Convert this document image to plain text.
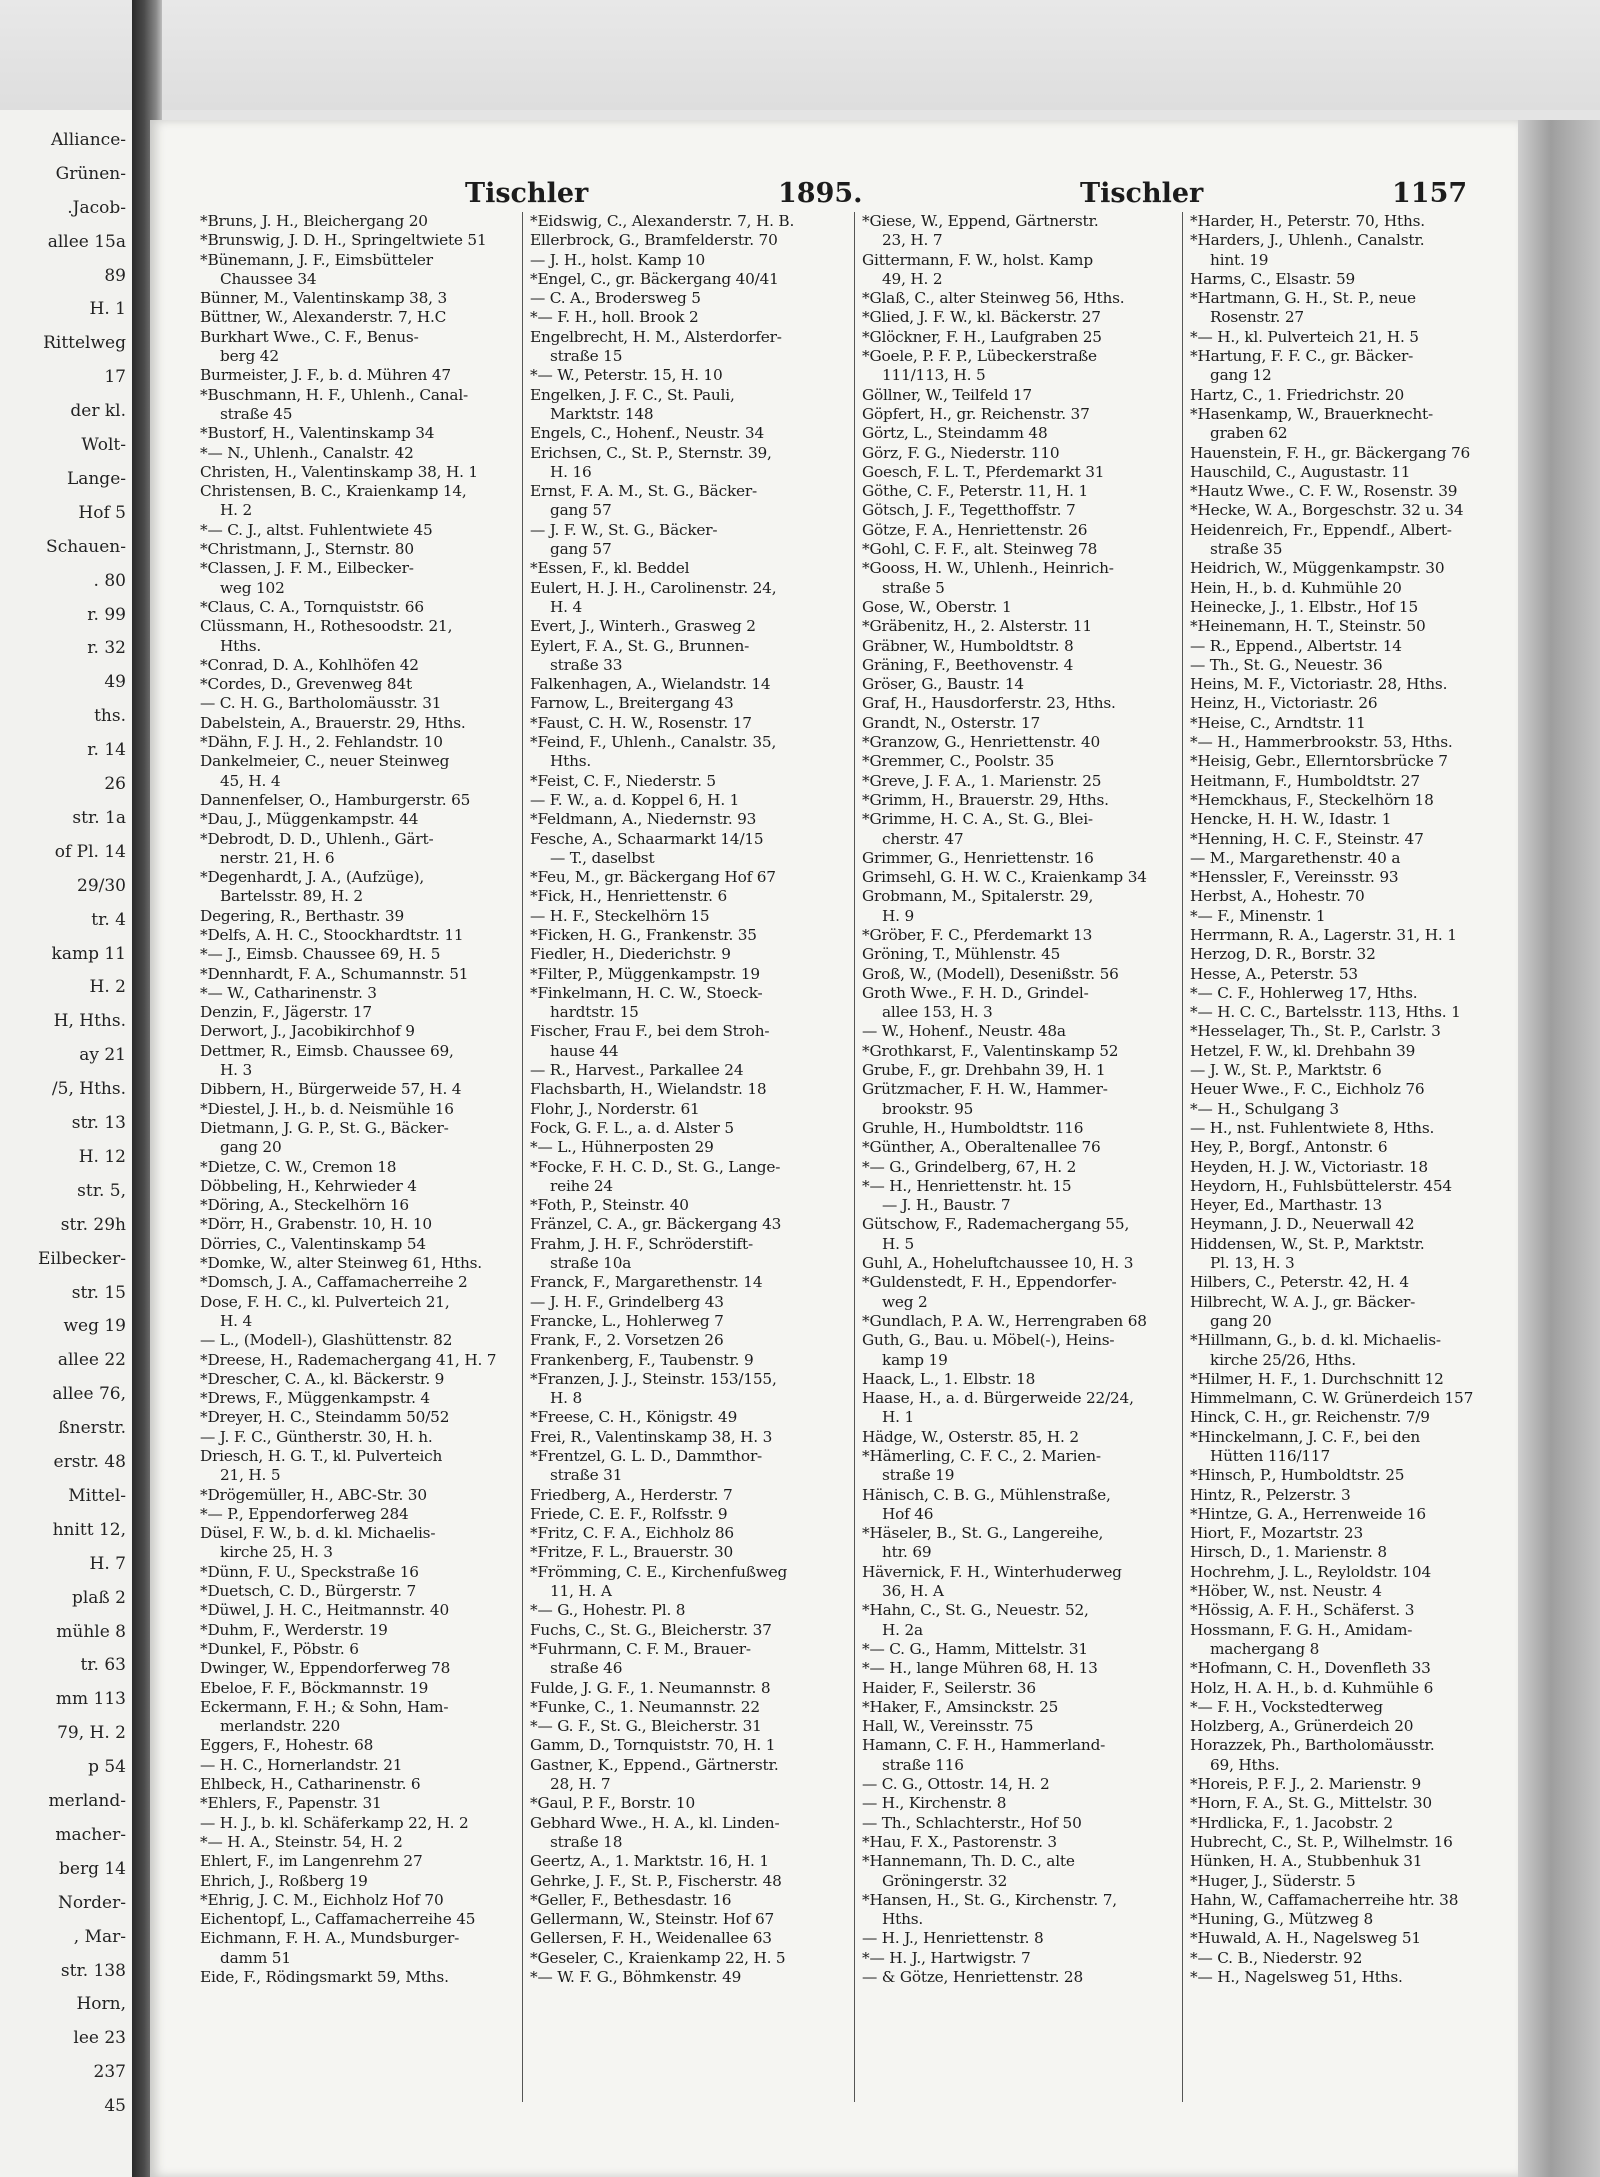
Alliance-
Grünen-
.Jacob-
allee 15a
89
H. 1
Rittelweg
17
der kl.
Wolt-
Lange-
Hof 5
Schauen-
. 80
r. 99
r. 32
49
ths.
r. 14
26
str. 1a
of Pl. 14
29/30
tr. 4
kamp 11
H. 2
H, Hths.
ay 21
/5, Hths.
str. 13
H. 12
str. 5,
str. 29h
Eilbecker-
str. 15
weg 19
allee 22
allee 76,
ßnerstr.
erstr. 48
Mittel-
hnitt 12,
H. 7
plaß 2
mühle 8
tr. 63
mm 113
79, H. 2
p 54
merland-
macher-
berg 14
Norder-
, Mar-
str. 138
Horn,
lee 23
237
45
Tischler	1895.	Tischler	1157
*Bruns, J. H., Bleichergang 20
*Brunswig, J. D. H., Springeltwiete 51
*Bünemann, J. F., Eimsbütteler
Chaussee 34
Bünner, M., Valentinskamp 38, 3
Büttner, W., Alexanderstr. 7, H.C
Burkhart Wwe., C. F., Benus-
berg 42
Burmeister, J. F., b. d. Mühren 47
*Buschmann, H. F., Uhlenh., Canal-
straße 45
*Bustorf, H., Valentinskamp 34
*— N., Uhlenh., Canalstr. 42
Christen, H., Valentinskamp 38, H. 1
Christensen, B. C., Kraienkamp 14,
H. 2
*— C. J., altst. Fuhlentwiete 45
*Christmann, J., Sternstr. 80
*Classen, J. F. M., Eilbecker-
weg 102
*Claus, C. A., Tornquiststr. 66
Clüssmann, H., Rothesoodstr. 21,
Hths.
*Conrad, D. A., Kohlhöfen 42
*Cordes, D., Grevenweg 84t
— C. H. G., Bartholomäusstr. 31
Dabelstein, A., Brauerstr. 29, Hths.
*Dähn, F. J. H., 2. Fehlandstr. 10
Dankelmeier, C., neuer Steinweg
45, H. 4
Dannenfelser, O., Hamburgerstr. 65
*Dau, J., Müggenkampstr. 44
*Debrodt, D. D., Uhlenh., Gärt-
nerstr. 21, H. 6
*Degenhardt, J. A., (Aufzüge),
Bartelsstr. 89, H. 2
Degering, R., Berthastr. 39
*Delfs, A. H. C., Stoockhardtstr. 11
*— J., Eimsb. Chaussee 69, H. 5
*Dennhardt, F. A., Schumannstr. 51
*— W., Catharinenstr. 3
Denzin, F., Jägerstr. 17
Derwort, J., Jacobikirchhof 9
Dettmer, R., Eimsb. Chaussee 69,
H. 3
Dibbern, H., Bürgerweide 57, H. 4
*Diestel, J. H., b. d. Neismühle 16
Dietmann, J. G. P., St. G., Bäcker-
gang 20
*Dietze, C. W., Cremon 18
Döbbeling, H., Kehrwieder 4
*Döring, A., Steckelhörn 16
*Dörr, H., Grabenstr. 10, H. 10
Dörries, C., Valentinskamp 54
*Domke, W., alter Steinweg 61, Hths.
*Domsch, J. A., Caffamacherreihe 2
Dose, F. H. C., kl. Pulverteich 21,
H. 4
— L., (Modell-), Glashüttenstr. 82
*Dreese, H., Rademachergang 41, H. 7
*Drescher, C. A., kl. Bäckerstr. 9
*Drews, F., Müggenkampstr. 4
*Dreyer, H. C., Steindamm 50/52
— J. F. C., Güntherstr. 30, H. h.
Driesch, H. G. T., kl. Pulverteich
21, H. 5
*Drögemüller, H., ABC-Str. 30
*— P., Eppendorferweg 284
Düsel, F. W., b. d. kl. Michaelis-
kirche 25, H. 3
*Dünn, F. U., Speckstraße 16
*Duetsch, C. D., Bürgerstr. 7
*Düwel, J. H. C., Heitmannstr. 40
*Duhm, F., Werderstr. 19
*Dunkel, F., Pöbstr. 6
Dwinger, W., Eppendorferweg 78
Ebeloe, F. F., Böckmannstr. 19
Eckermann, F. H.; & Sohn, Ham-
merlandstr. 220
Eggers, F., Hohestr. 68
— H. C., Hornerlandstr. 21
Ehlbeck, H., Catharinenstr. 6
*Ehlers, F., Papenstr. 31
— H. J., b. kl. Schäferkamp 22, H. 2
*— H. A., Steinstr. 54, H. 2
Ehlert, F., im Langenrehm 27
Ehrich, J., Roßberg 19
*Ehrig, J. C. M., Eichholz Hof 70
Eichentopf, L., Caffamacherreihe 45
Eichmann, F. H. A., Mundsburger-
damm 51
Eide, F., Rödingsmarkt 59, Mths.
*Eidswig, C., Alexanderstr. 7, H. B.
Ellerbrock, G., Bramfelderstr. 70
— J. H., holst. Kamp 10
*Engel, C., gr. Bäckergang 40/41
— C. A., Brodersweg 5
*— F. H., holl. Brook 2
Engelbrecht, H. M., Alsterdorfer-
straße 15
*— W., Peterstr. 15, H. 10
Engelken, J. F. C., St. Pauli,
Marktstr. 148
Engels, C., Hohenf., Neustr. 34
Erichsen, C., St. P., Sternstr. 39,
H. 16
Ernst, F. A. M., St. G., Bäcker-
gang 57
— J. F. W., St. G., Bäcker-
gang 57
*Essen, F., kl. Beddel
Eulert, H. J. H., Carolinenstr. 24,
H. 4
Evert, J., Winterh., Grasweg 2
Eylert, F. A., St. G., Brunnen-
straße 33
Falkenhagen, A., Wielandstr. 14
Farnow, L., Breitergang 43
*Faust, C. H. W., Rosenstr. 17
*Feind, F., Uhlenh., Canalstr. 35,
Hths.
*Feist, C. F., Niederstr. 5
— F. W., a. d. Koppel 6, H. 1
*Feldmann, A., Niedernstr. 93
Fesche, A., Schaarmarkt 14/15
— T., daselbst
*Feu, M., gr. Bäckergang Hof 67
*Fick, H., Henriettenstr. 6
— H. F., Steckelhörn 15
*Ficken, H. G., Frankenstr. 35
Fiedler, H., Diederichstr. 9
*Filter, P., Müggenkampstr. 19
*Finkelmann, H. C. W., Stoeck-
hardtstr. 15
Fischer, Frau F., bei dem Stroh-
hause 44
— R., Harvest., Parkallee 24
Flachsbarth, H., Wielandstr. 18
Flohr, J., Norderstr. 61
Fock, G. F. L., a. d. Alster 5
*— L., Hühnerposten 29
*Focke, F. H. C. D., St. G., Lange-
reihe 24
*Foth, P., Steinstr. 40
Fränzel, C. A., gr. Bäckergang 43
Frahm, J. H. F., Schröderstift-
straße 10a
Franck, F., Margarethenstr. 14
— J. H. F., Grindelberg 43
Francke, L., Hohlerweg 7
Frank, F., 2. Vorsetzen 26
Frankenberg, F., Taubenstr. 9
*Franzen, J. J., Steinstr. 153/155,
H. 8
*Freese, C. H., Königstr. 49
Frei, R., Valentinskamp 38, H. 3
*Frentzel, G. L. D., Dammthor-
straße 31
Friedberg, A., Herderstr. 7
Friede, C. E. F., Rolfsstr. 9
*Fritz, C. F. A., Eichholz 86
*Fritze, F. L., Brauerstr. 30
*Frömming, C. E., Kirchenfußweg
11, H. A
*— G., Hohestr. Pl. 8
Fuchs, C., St. G., Bleicherstr. 37
*Fuhrmann, C. F. M., Brauer-
straße 46
Fulde, J. G. F., 1. Neumannstr. 8
*Funke, C., 1. Neumannstr. 22
*— G. F., St. G., Bleicherstr. 31
Gamm, D., Tornquiststr. 70, H. 1
Gastner, K., Eppend., Gärtnerstr.
28, H. 7
*Gaul, P. F., Borstr. 10
Gebhard Wwe., H. A., kl. Linden-
straße 18
Geertz, A., 1. Marktstr. 16, H. 1
Gehrke, J. F., St. P., Fischerstr. 48
*Geller, F., Bethesdastr. 16
Gellermann, W., Steinstr. Hof 67
Gellersen, F. H., Weidenallee 63
*Geseler, C., Kraienkamp 22, H. 5
*— W. F. G., Böhmkenstr. 49
*Giese, W., Eppend, Gärtnerstr.
23, H. 7
Gittermann, F. W., holst. Kamp
49, H. 2
*Glaß, C., alter Steinweg 56, Hths.
*Glied, J. F. W., kl. Bäckerstr. 27
*Glöckner, F. H., Laufgraben 25
*Goele, P. F. P., Lübeckerstraße
111/113, H. 5
Göllner, W., Teilfeld 17
Göpfert, H., gr. Reichenstr. 37
Görtz, L., Steindamm 48
Görz, F. G., Niederstr. 110
Goesch, F. L. T., Pferdemarkt 31
Göthe, C. F., Peterstr. 11, H. 1
Götsch, J. F., Tegetthoffstr. 7
Götze, F. A., Henriettenstr. 26
*Gohl, C. F. F., alt. Steinweg 78
*Gooss, H. W., Uhlenh., Heinrich-
straße 5
Gose, W., Oberstr. 1
*Gräbenitz, H., 2. Alsterstr. 11
Gräbner, W., Humboldtstr. 8
Gräning, F., Beethovenstr. 4
Gröser, G., Baustr. 14
Graf, H., Hausdorferstr. 23, Hths.
Grandt, N., Osterstr. 17
*Granzow, G., Henriettenstr. 40
*Gremmer, C., Poolstr. 35
*Greve, J. F. A., 1. Marienstr. 25
*Grimm, H., Brauerstr. 29, Hths.
*Grimme, H. C. A., St. G., Blei-
cherstr. 47
Grimmer, G., Henriettenstr. 16
Grimsehl, G. H. W. C., Kraienkamp 34
Grobmann, M., Spitalerstr. 29,
H. 9
*Gröber, F. C., Pferdemarkt 13
Gröning, T., Mühlenstr. 45
Groß, W., (Modell), Desenißstr. 56
Groth Wwe., F. H. D., Grindel-
allee 153, H. 3
— W., Hohenf., Neustr. 48a
*Grothkarst, F., Valentinskamp 52
Grube, F., gr. Drehbahn 39, H. 1
Grützmacher, F. H. W., Hammer-
brookstr. 95
Gruhle, H., Humboldtstr. 116
*Günther, A., Oberaltenallee 76
*— G., Grindelberg, 67, H. 2
*— H., Henriettenstr. ht. 15
— J. H., Baustr. 7
Gütschow, F., Rademachergang 55,
H. 5
Guhl, A., Hoheluftchaussee 10, H. 3
*Guldenstedt, F. H., Eppendorfer-
weg 2
*Gundlach, P. A. W., Herrengraben 68
Guth, G., Bau. u. Möbel(-), Heins-
kamp 19
Haack, L., 1. Elbstr. 18
Haase, H., a. d. Bürgerweide 22/24,
H. 1
Hädge, W., Osterstr. 85, H. 2
*Hämerling, C. F. C., 2. Marien-
straße 19
Hänisch, C. B. G., Mühlenstraße,
Hof 46
*Häseler, B., St. G., Langereihe,
htr. 69
Hävernick, F. H., Winterhuderweg
36, H. A
*Hahn, C., St. G., Neuestr. 52,
H. 2a
*— C. G., Hamm, Mittelstr. 31
*— H., lange Mühren 68, H. 13
Haider, F., Seilerstr. 36
*Haker, F., Amsinckstr. 25
Hall, W., Vereinsstr. 75
Hamann, C. F. H., Hammerland-
straße 116
— C. G., Ottostr. 14, H. 2
— H., Kirchenstr. 8
— Th., Schlachterstr., Hof 50
*Hau, F. X., Pastorenstr. 3
*Hannemann, Th. D. C., alte
Gröningerstr. 32
*Hansen, H., St. G., Kirchenstr. 7,
Hths.
— H. J., Henriettenstr. 8
*— H. J., Hartwigstr. 7
— & Götze, Henriettenstr. 28
*Harder, H., Peterstr. 70, Hths.
*Harders, J., Uhlenh., Canalstr.
hint. 19
Harms, C., Elsastr. 59
*Hartmann, G. H., St. P., neue
Rosenstr. 27
*— H., kl. Pulverteich 21, H. 5
*Hartung, F. F. C., gr. Bäcker-
gang 12
Hartz, C., 1. Friedrichstr. 20
*Hasenkamp, W., Brauerknecht-
graben 62
Hauenstein, F. H., gr. Bäckergang 76
Hauschild, C., Augustastr. 11
*Hautz Wwe., C. F. W., Rosenstr. 39
*Hecke, W. A., Borgeschstr. 32 u. 34
Heidenreich, Fr., Eppendf., Albert-
straße 35
Heidrich, W., Müggenkampstr. 30
Hein, H., b. d. Kuhmühle 20
Heinecke, J., 1. Elbstr., Hof 15
*Heinemann, H. T., Steinstr. 50
— R., Eppend., Albertstr. 14
— Th., St. G., Neuestr. 36
Heins, M. F., Victoriastr. 28, Hths.
Heinz, H., Victoriastr. 26
*Heise, C., Arndtstr. 11
*— H., Hammerbrookstr. 53, Hths.
*Heisig, Gebr., Ellerntorsbrücke 7
Heitmann, F., Humboldtstr. 27
*Hemckhaus, F., Steckelhörn 18
Hencke, H. H. W., Idastr. 1
*Henning, H. C. F., Steinstr. 47
— M., Margarethenstr. 40 a
*Henssler, F., Vereinsstr. 93
Herbst, A., Hohestr. 70
*— F., Minenstr. 1
Herrmann, R. A., Lagerstr. 31, H. 1
Herzog, D. R., Borstr. 32
Hesse, A., Peterstr. 53
*— C. F., Hohlerweg 17, Hths.
*— H. C. C., Bartelsstr. 113, Hths. 1
*Hesselager, Th., St. P., Carlstr. 3
Hetzel, F. W., kl. Drehbahn 39
— J. W., St. P., Marktstr. 6
Heuer Wwe., F. C., Eichholz 76
*— H., Schulgang 3
— H., nst. Fuhlentwiete 8, Hths.
Hey, P., Borgf., Antonstr. 6
Heyden, H. J. W., Victoriastr. 18
Heydorn, H., Fuhlsbüttelerstr. 454
Heyer, Ed., Marthastr. 13
Heymann, J. D., Neuerwall 42
Hiddensen, W., St. P., Marktstr.
Pl. 13, H. 3
Hilbers, C., Peterstr. 42, H. 4
Hilbrecht, W. A. J., gr. Bäcker-
gang 20
*Hillmann, G., b. d. kl. Michaelis-
kirche 25/26, Hths.
*Hilmer, H. F., 1. Durchschnitt 12
Himmelmann, C. W. Grünerdeich 157
Hinck, C. H., gr. Reichenstr. 7/9
*Hinckelmann, J. C. F., bei den
Hütten 116/117
*Hinsch, P., Humboldtstr. 25
Hintz, R., Pelzerstr. 3
*Hintze, G. A., Herrenweide 16
Hiort, F., Mozartstr. 23
Hirsch, D., 1. Marienstr. 8
Hochrehm, J. L., Reyloldstr. 104
*Höber, W., nst. Neustr. 4
*Hössig, A. F. H., Schäferst. 3
Hossmann, F. G. H., Amidam-
machergang 8
*Hofmann, C. H., Dovenfleth 33
Holz, H. A. H., b. d. Kuhmühle 6
*— F. H., Vockstedterweg
Holzberg, A., Grünerdeich 20
Horazzek, Ph., Bartholomäusstr.
69, Hths.
*Horeis, P. F. J., 2. Marienstr. 9
*Horn, F. A., St. G., Mittelstr. 30
*Hrdlicka, F., 1. Jacobstr. 2
Hubrecht, C., St. P., Wilhelmstr. 16
Hünken, H. A., Stubbenhuk 31
*Huger, J., Süderstr. 5
Hahn, W., Caffamacherreihe htr. 38
*Huning, G., Mützweg 8
*Huwald, A. H., Nagelsweg 51
*— C. B., Niederstr. 92
*— H., Nagelsweg 51, Hths.
